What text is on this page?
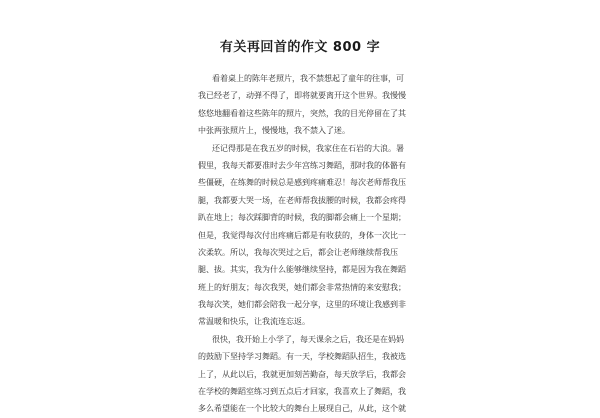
有关再回首的作文 800 字
看着桌上的陈年老照片，我不禁想起了童年的往事，可
我已经老了，动弹不得了，即将就要离开这个世界。我慢慢
悠悠地翻看着这些陈年的照片，突然，我的目光停留在了其
中张两张照片上，慢慢地，我不禁入了迷。
还记得那是在我五岁的时候，我家住在石岩的大浪。暑
假里，我每天都要准时去少年宫练习舞蹈，那时我的体骼有
些僵硬，在练舞的时候总是感到疼痛难忍！每次老师帮我压
腿，我都要大哭一场，在老师帮我拔腰的时候，我都会疼得
趴在地上；每次踩脚背的时候，我的脚都会痛上一个星期；
但是，我觉得每次付出疼痛后都是有收获的，身体一次比一
次柔软。所以，我每次哭过之后，都会让老师继续帮我压
腿、拔。其实，我为什么能够继续坚持，都是因为我在舞蹈
班上的好朋友；每次我哭，她们都会非常热情的来安慰我；
我每次笑，她们都会陪我一起分享，这里的环境让我感到非
常温暖和快乐，让我流连忘返。
很快，我开始上小学了，每天课余之后，我还是在妈妈
的鼓励下坚持学习舞蹈。有一天，学校舞蹈队招生，我被选
上了，从此以后，我就更加刻苦勤奋，每天放学后，我都会
在学校的舞蹈室练习到五点后才回家，我喜欢上了舞蹈，我
多么希望能在一个比较大的舞台上展现自己，从此，这个就
